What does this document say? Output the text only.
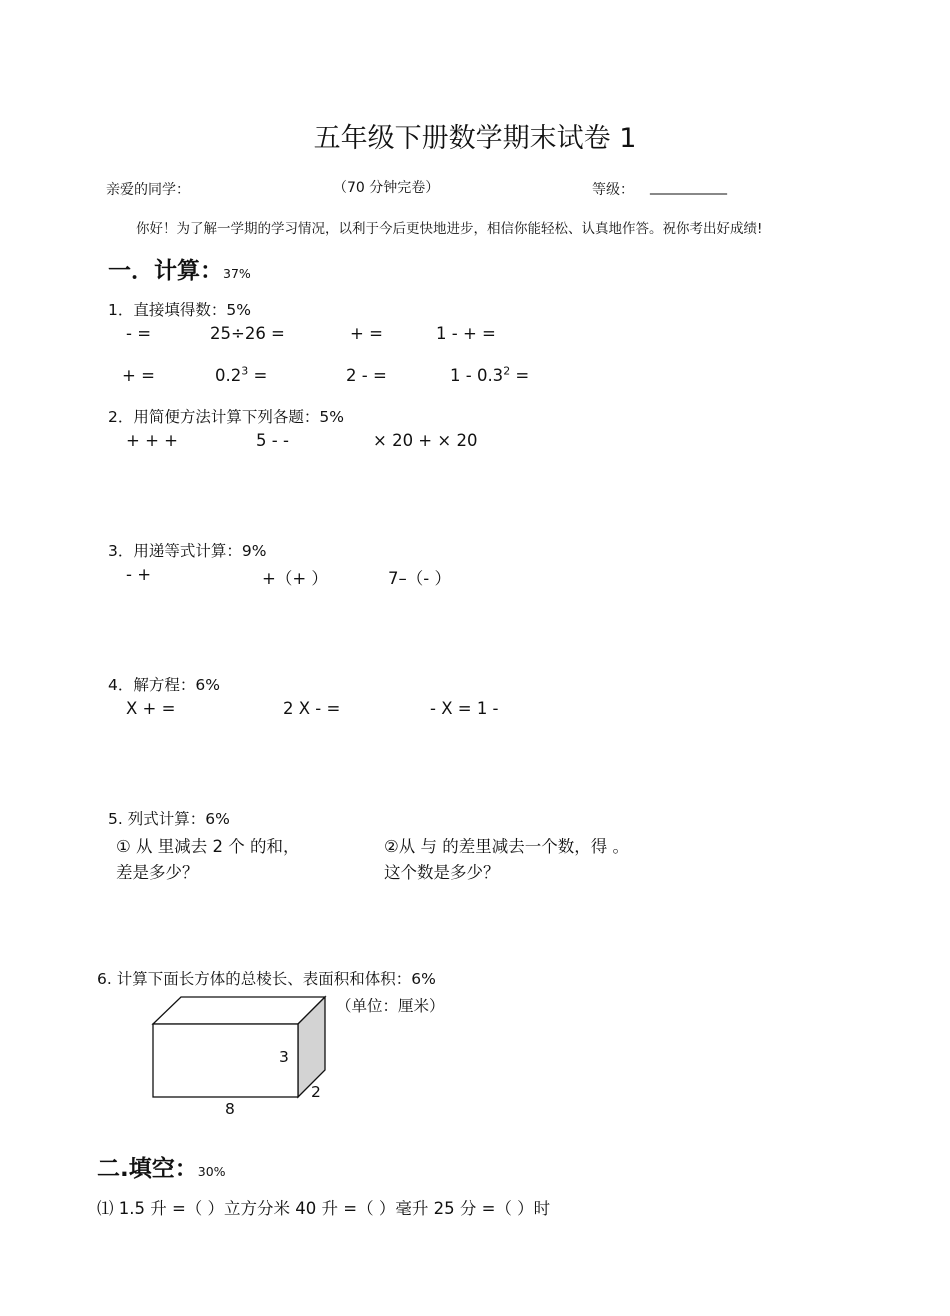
五年级下册数学期末试卷 1
亲爱的同学：	（70 分钟完卷）	等级： ___________
你好！为了解一学期的学习情况，以利于今后更快地进步，相信你能轻松、认真地作答。祝你考出好成绩!
一．计算：37%
1．直接填得数：5%
- =	25÷26 =	+ =	1 - + =
+ =	$0.2^3$ =	2 - =	$1 - 0.3^2$ =
2．用简便方法计算下列各题：5%
+ + +	5 - -	× 20 + × 20
3．用递等式计算：9%
- +	+（+ ）	7–（- ）
4．解方程：6%
X + =	2 X - =	- X = 1 -
5. 列式计算：6%
① 从 里减去 2 个 的和，
差是多少？
②从 与 的差里减去一个数，得 。
这个数是多少？
6. 计算下面长方体的总棱长、表面积和体积：6%
（单位：厘米）
8
3
2
二.填空：30%
⑴ 1.5 升 =（ ）立方分米 40 升 =（ ）毫升 25 分 =（ ）时
